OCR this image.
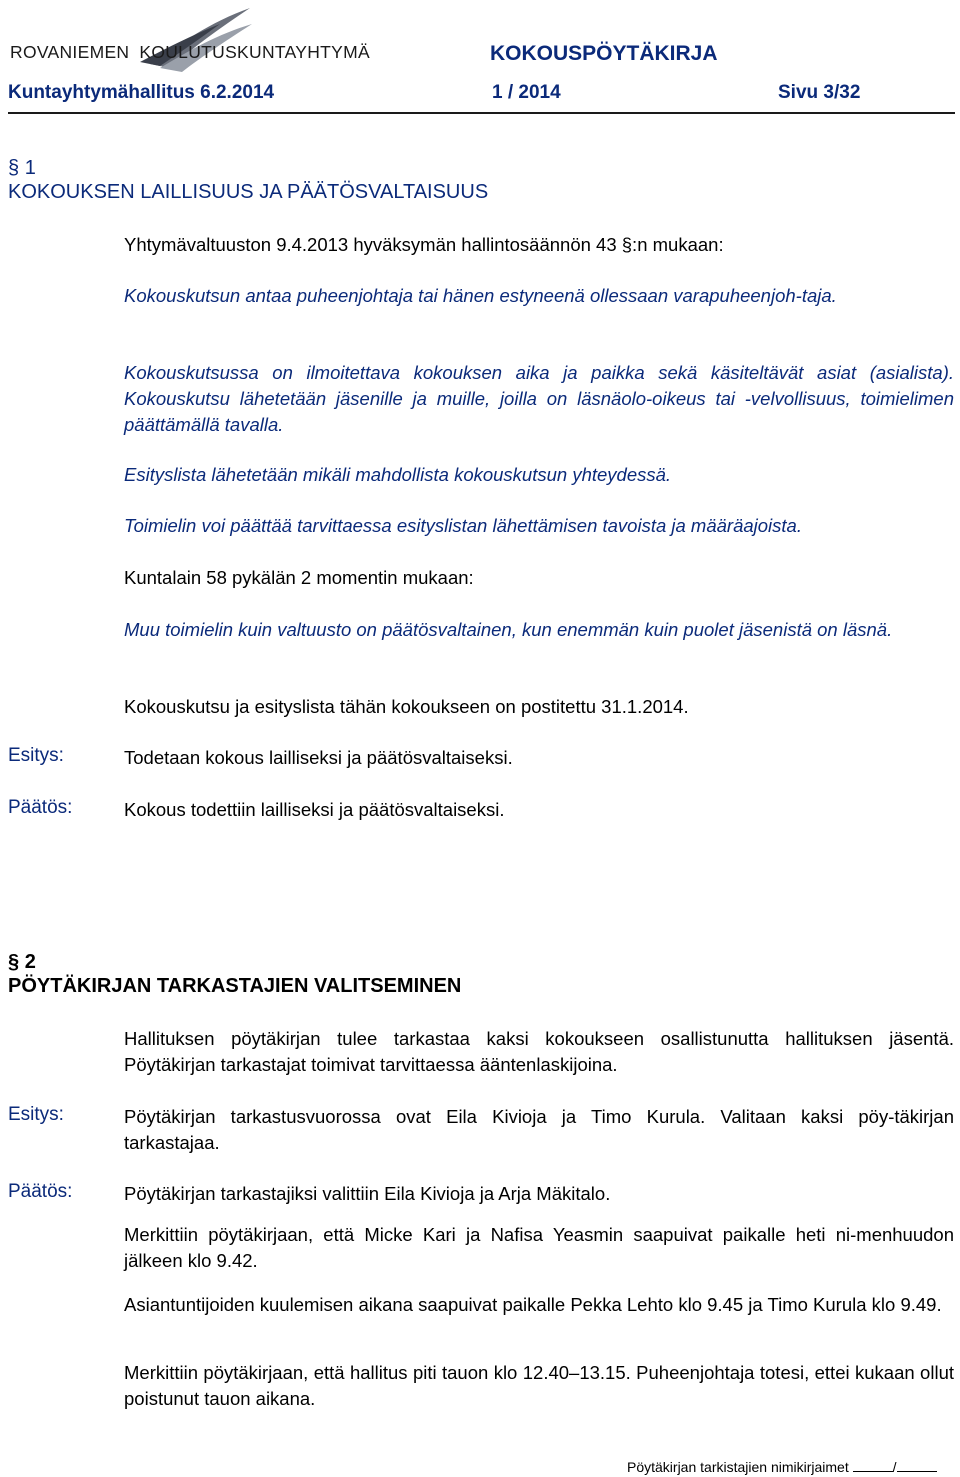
ROVANIEMEN KOULUTUSKUNTAYHTYMÄ	KOKOUSPÖYTÄKIRJA
Kuntayhtymähallitus 6.2.2014	1 / 2014	Sivu 3/32
§ 1
KOKOUKSEN LAILLISUUS JA PÄÄTÖSVALTAISUUS
Yhtymävaltuuston 9.4.2013 hyväksymän hallintosäännön 43 §:n mukaan:
Kokouskutsun antaa puheenjohtaja tai hänen estyneenä ollessaan varapuheenjoh-taja.
Kokouskutsussa on ilmoitettava kokouksen aika ja paikka sekä käsiteltävät asiat (asialista). Kokouskutsu lähetetään jäsenille ja muille, joilla on läsnäolo-oikeus tai -velvollisuus, toimielimen päättämällä tavalla.
Esityslista lähetetään mikäli mahdollista kokouskutsun yhteydessä.
Toimielin voi päättää tarvittaessa esityslistan lähettämisen tavoista ja määräajoista.
Kuntalain 58 pykälän 2 momentin mukaan:
Muu toimielin kuin valtuusto on päätösvaltainen, kun enemmän kuin puolet jäsenistä on läsnä.
Kokouskutsu ja esityslista tähän kokoukseen on postitettu 31.1.2014.
Esitys:	Todetaan kokous lailliseksi ja päätösvaltaiseksi.
Päätös:	Kokous todettiin lailliseksi ja päätösvaltaiseksi.
§ 2
PÖYTÄKIRJAN TARKASTAJIEN VALITSEMINEN
Hallituksen pöytäkirjan tulee tarkastaa kaksi kokoukseen osallistunutta hallituksen jäsentä. Pöytäkirjan tarkastajat toimivat tarvittaessa ääntenlaskijoina.
Esitys:	Pöytäkirjan tarkastusvuorossa ovat Eila Kivioja ja Timo Kurula. Valitaan kaksi pöy-täkirjan tarkastajaa.
Päätös:	Pöytäkirjan tarkastajiksi valittiin Eila Kivioja ja Arja Mäkitalo.
Merkittiin pöytäkirjaan, että Micke Kari ja Nafisa Yeasmin saapuivat paikalle heti ni-menhuudon jälkeen klo 9.42.
Asiantuntijoiden kuulemisen aikana saapuivat paikalle Pekka Lehto klo 9.45 ja Timo Kurula klo 9.49.
Merkittiin pöytäkirjaan, että hallitus piti tauon klo 12.40–13.15. Puheenjohtaja totesi, ettei kukaan ollut poistunut tauon aikana.
Pöytäkirjan tarkistajien nimikirjaimet	/
